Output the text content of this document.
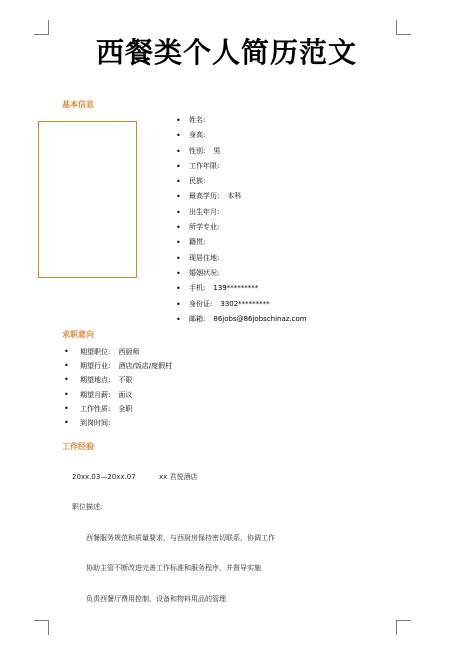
西餐类个人简历范文
基本信息
• 姓名:
• 身高:
• 性别: 男
• 工作年限:
• 民族:
• 最高学历: 本科
• 出生年月:
• 所学专业:
• 籍贯:
• 现居住地:
• 婚姻状况:
• 手机: 139*********
• 身份证: 3302*********
• 邮箱: 86jobs@86jobschinaz.com
求职意向
• 期望职位: 西厨师
• 期望行业: 酒店/饭店/度假村
• 期望地点: 不限
• 期望月薪: 面议
• 工作性质: 全职
• 到岗时间:
工作经验
20xx.03—20xx.07	xx 君悦酒店
职位描述:
西餐服务规范和质量要求，与西厨房保持密切联系，协调工作
协助主管不断改进完善工作标准和服务程序，并督导实施
负责西餐厅费用控制，设备和物料用品的管理
